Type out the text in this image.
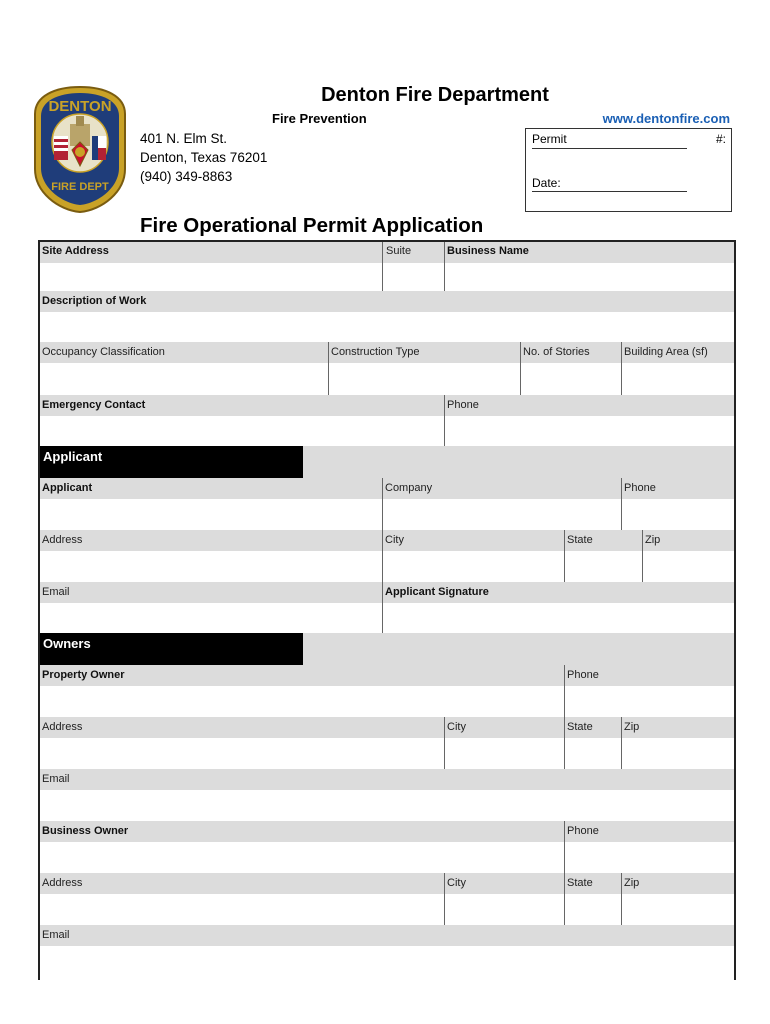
DENTON
FIRE DEPT
Denton Fire Department
Fire Prevention	www.dentonfire.com
401 N. Elm St.
Denton, Texas 76201
(940) 349-8863
Permit	#:
Date:
Fire Operational Permit Application
Site Address	Suite	Business Name
Description of Work
Occupancy Classification	Construction Type	No. of Stories	Building Area (sf)
Emergency Contact	Phone
Applicant
Applicant	Company	Phone
Address	City	State	Zip
Email	Applicant Signature
Owners
Property Owner	Phone
Address	City	State	Zip
Email
Business Owner	Phone
Address	City	State	Zip
Email
